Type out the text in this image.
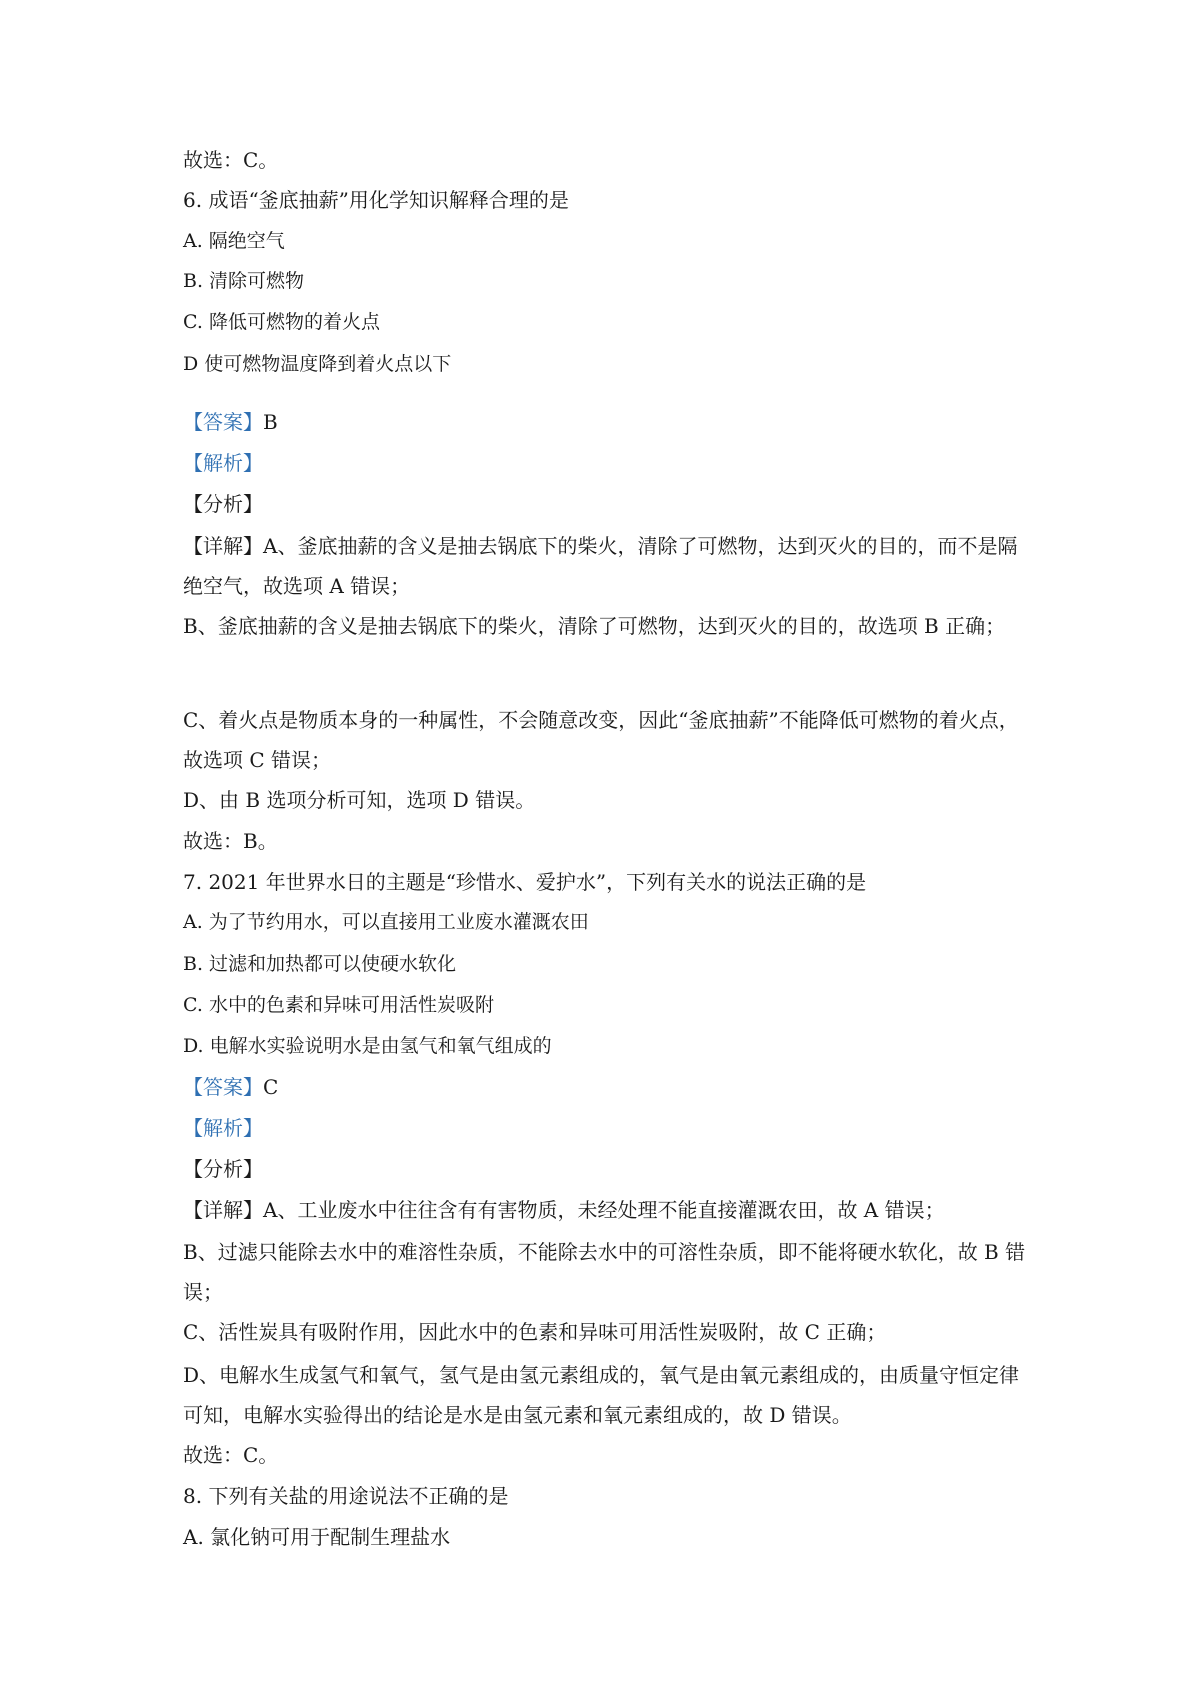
故选：C。
6. 成语“釜底抽薪”用化学知识解释合理的是
A. 隔绝空气
B. 清除可燃物
C. 降低可燃物的着火点
D 使可燃物温度降到着火点以下
【答案】B
【解析】
【分析】
【详解】A、釜底抽薪的含义是抽去锅底下的柴火，清除了可燃物，达到灭火的目的，而不是隔绝空气，故选项 A 错误；
B、釜底抽薪的含义是抽去锅底下的柴火，清除了可燃物，达到灭火的目的，故选项 B 正确；
C、着火点是物质本身的一种属性，不会随意改变，因此“釜底抽薪”不能降低可燃物的着火点，故选项 C 错误；
D、由 B 选项分析可知，选项 D 错误。
故选：B。
7. 2021 年世界水日的主题是“珍惜水、爱护水”，下列有关水的说法正确的是
A. 为了节约用水，可以直接用工业废水灌溉农田
B. 过滤和加热都可以使硬水软化
C. 水中的色素和异味可用活性炭吸附
D. 电解水实验说明水是由氢气和氧气组成的
【答案】C
【解析】
【分析】
【详解】A、工业废水中往往含有有害物质，未经处理不能直接灌溉农田，故 A 错误；
B、过滤只能除去水中的难溶性杂质，不能除去水中的可溶性杂质，即不能将硬水软化，故 B 错误；
C、活性炭具有吸附作用，因此水中的色素和异味可用活性炭吸附，故 C 正确；
D、电解水生成氢气和氧气，氢气是由氢元素组成的，氧气是由氧元素组成的，由质量守恒定律可知，电解水实验得出的结论是水是由氢元素和氧元素组成的，故 D 错误。
故选：C。
8. 下列有关盐的用途说法不正确的是
A. 氯化钠可用于配制生理盐水
